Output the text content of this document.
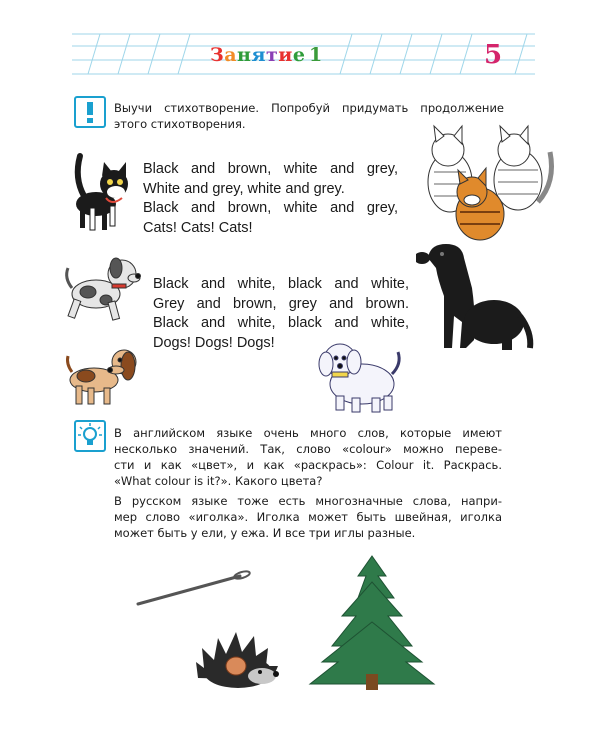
Занятие 1	5
Выучи стихотворение. Попробуй придумать продолжение
этого стихотворения.
Black and brown, white and grey,
White and grey, white and grey.
Black and brown, white and grey,
Cats! Cats! Cats!
Black and white, black and white,
Grey and brown, grey and brown.
Black and white, black and white,
Dogs! Dogs! Dogs!
В английском языке очень много слов, которые имеют
несколько значений. Так, слово «colour» можно переве-
сти и как «цвет», и как «раскрась»: Colour it. Раскрась.
«What colour is it?». Какого цвета?
В русском языке тоже есть многозначные слова, напри-
мер слово «иголка». Иголка может быть швейная, иголка
может быть у ели, у ежа. И все три иглы разные.
